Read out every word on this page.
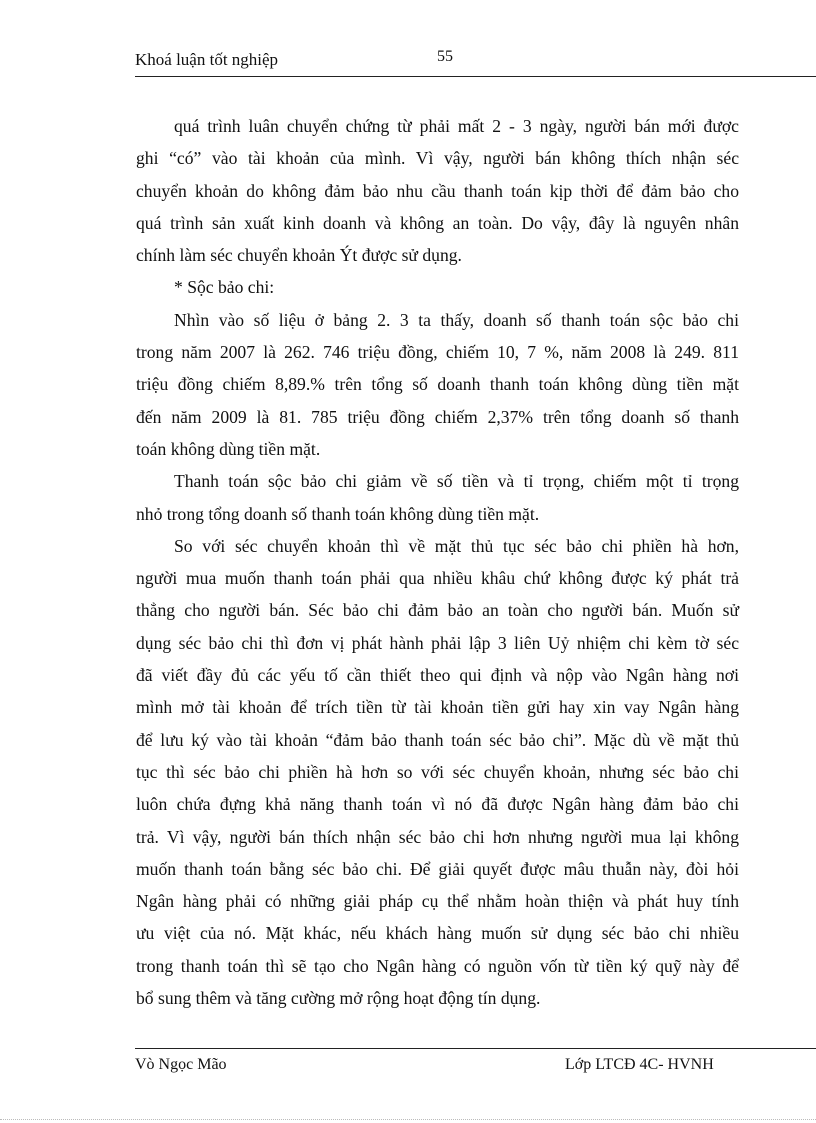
Khoá luận tốt nghiệp	55
quá trình luân chuyển chứng từ phải mất 2 - 3 ngày, người bán mới được
ghi “có” vào tài khoản của mình. Vì vậy, người bán không thích nhận séc
chuyển khoản do không đảm bảo nhu cầu thanh toán kịp thời để đảm bảo cho
quá trình sản xuất kinh doanh và không an toàn. Do vậy, đây là nguyên nhân
chính làm séc chuyển khoản Ýt được sử dụng.
* Sộc bảo chi:
Nhìn vào số liệu ở bảng 2. 3 ta thấy, doanh số thanh toán sộc bảo chi
trong năm 2007 là 262. 746 triệu đồng, chiếm 10, 7 %, năm 2008 là 249. 811
triệu đồng chiếm 8,89.% trên tổng số doanh thanh toán không dùng tiền mặt
đến năm 2009 là 81. 785 triệu đồng chiếm 2,37% trên tổng doanh số thanh
toán không dùng tiền mặt.
Thanh toán sộc bảo chi giảm về số tiền và tỉ trọng, chiếm một tỉ trọng
nhỏ trong tổng doanh số thanh toán không dùng tiền mặt.
So với séc chuyển khoản thì về mặt thủ tục séc bảo chi phiền hà hơn,
người mua muốn thanh toán phải qua nhiều khâu chứ không được ký phát trả
thẳng cho người bán. Séc bảo chi đảm bảo an toàn cho người bán. Muốn sử
dụng séc bảo chi thì đơn vị phát hành phải lập 3 liên Uỷ nhiệm chi kèm tờ séc
đã viết đầy đủ các yếu tố cần thiết theo qui định và nộp vào Ngân hàng nơi
mình mở tài khoản để trích tiền từ tài khoản tiền gửi hay xin vay Ngân hàng
để lưu ký vào tài khoản “đảm bảo thanh toán séc bảo chi”. Mặc dù về mặt thủ
tục thì séc bảo chi phiền hà hơn so với séc chuyển khoản, nhưng séc bảo chi
luôn chứa đựng khả năng thanh toán vì nó đã được Ngân hàng đảm bảo chi
trả. Vì vậy, người bán thích nhận séc bảo chi hơn nhưng người mua lại không
muốn thanh toán bằng séc bảo chi. Để giải quyết được mâu thuẫn này, đòi hỏi
Ngân hàng phải có những giải pháp cụ thể nhằm hoàn thiện và phát huy tính
ưu việt của nó. Mặt khác, nếu khách hàng muốn sử dụng séc bảo chi nhiều
trong thanh toán thì sẽ tạo cho Ngân hàng có nguồn vốn từ tiền ký quỹ này để
bổ sung thêm và tăng cường mở rộng hoạt động tín dụng.
Vò Ngọc Mão	Lớp LTCĐ 4C- HVNH
